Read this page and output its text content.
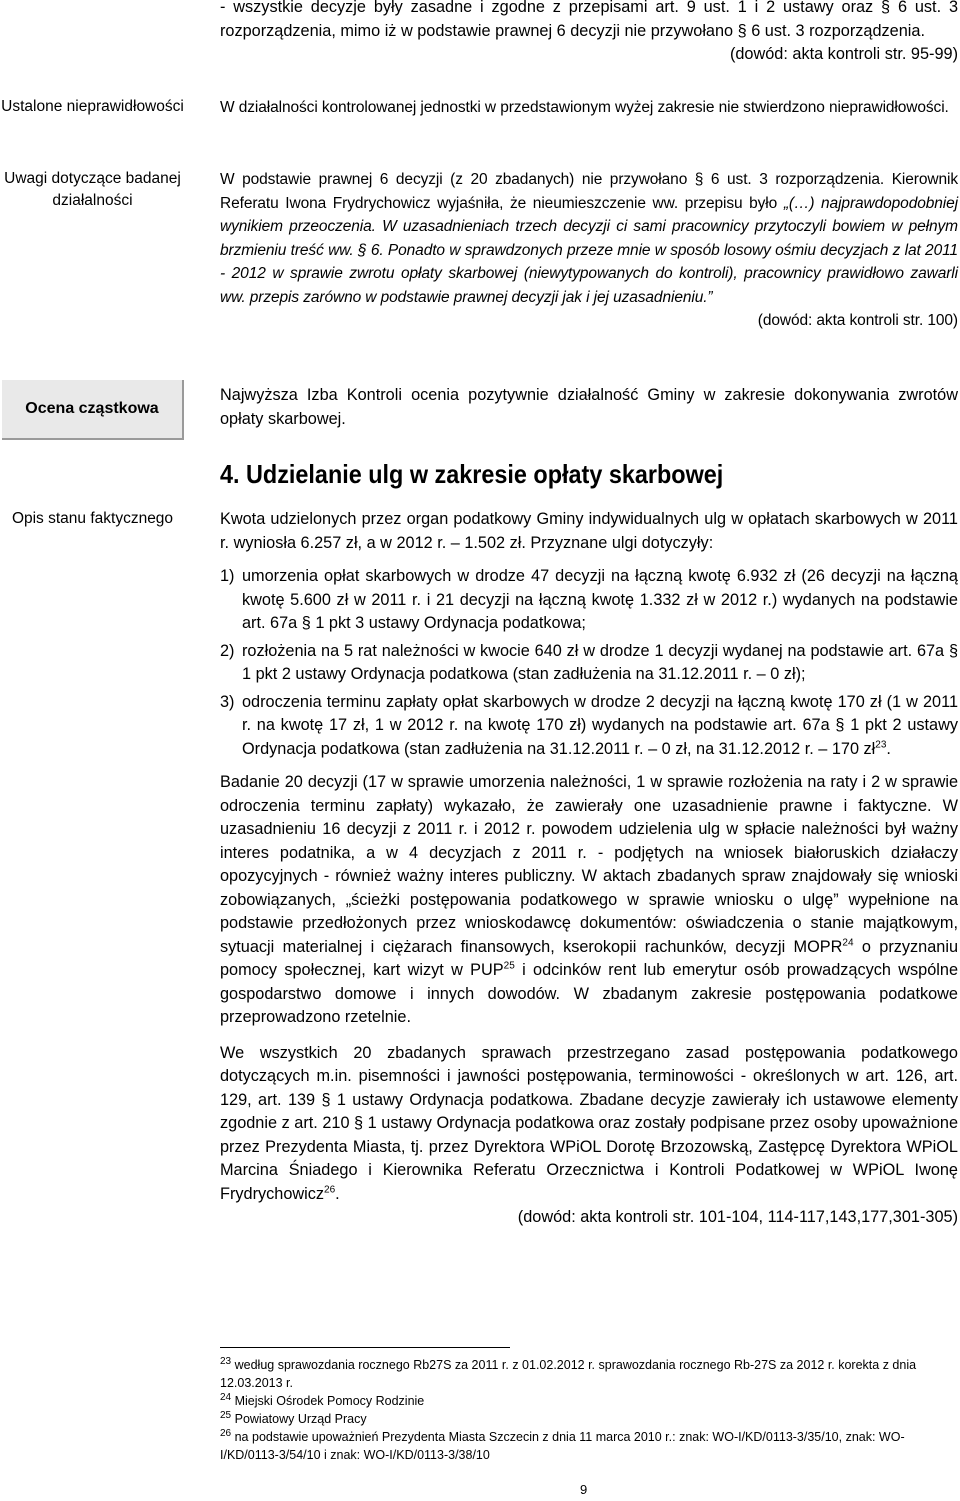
Ustalone nieprawidłowości
Uwagi dotyczące badanej działalności
Ocena cząstkowa
Opis stanu faktycznego

- wszystkie decyzje były zasadne i zgodne z przepisami art. 9 ust. 1 i 2 ustawy oraz § 6 ust. 3 rozporządzenia, mimo iż w podstawie prawnej 6 decyzji nie przywołano § 6 ust. 3 rozporządzenia.

(dowód: akta kontroli str. 95-99)

W działalności kontrolowanej jednostki w przedstawionym wyżej zakresie nie stwierdzono nieprawidłowości.

W podstawie prawnej 6 decyzji (z 20 zbadanych) nie przywołano § 6 ust. 3 rozporządzenia. Kierownik Referatu Iwona Frydrychowicz wyjaśniła, że nieumieszczenie ww. przepisu było „(…) najprawdopodobniej wynikiem przeoczenia. W uzasadnieniach trzech decyzji ci sami pracownicy przytoczyli bowiem w pełnym brzmieniu treść ww. § 6. Ponadto w sprawdzonych przeze mnie w sposób losowy ośmiu decyzjach z lat 2011 - 2012 w sprawie zwrotu opłaty skarbowej (niewytypowanych do kontroli), pracownicy prawidłowo zawarli ww. przepis zarówno w podstawie prawnej decyzji jak i jej uzasadnieniu.”

(dowód: akta kontroli str. 100)

Najwyższa Izba Kontroli ocenia pozytywnie działalność Gminy w zakresie dokonywania zwrotów opłaty skarbowej.

4. Udzielanie ulg w zakresie opłaty skarbowej

Kwota udzielonych przez organ podatkowy Gminy indywidualnych ulg w opłatach skarbowych w 2011 r. wyniosła 6.257 zł, a w 2012 r. – 1.502 zł. Przyznane ulgi dotyczyły:

1) umorzenia opłat skarbowych w drodze 47 decyzji na łączną kwotę 6.932 zł (26 decyzji na łączną kwotę 5.600 zł w 2011 r. i 21 decyzji na łączną kwotę 1.332 zł w 2012 r.) wydanych na podstawie art. 67a § 1 pkt 3 ustawy Ordynacja podatkowa;
2) rozłożenia na 5 rat należności w kwocie 640 zł w drodze 1 decyzji wydanej na podstawie art. 67a § 1 pkt 2 ustawy Ordynacja podatkowa (stan zadłużenia na 31.12.2011 r. – 0 zł);
3) odroczenia terminu zapłaty opłat skarbowych w drodze 2 decyzji na łączną kwotę 170 zł (1 w 2011 r. na kwotę 17 zł, 1 w 2012 r. na kwotę 170 zł) wydanych na podstawie art. 67a § 1 pkt 2 ustawy Ordynacja podatkowa (stan zadłużenia na 31.12.2011 r. – 0 zł, na 31.12.2012 r. – 170 $zł^{23}$.

Badanie 20 decyzji (17 w sprawie umorzenia należności, 1 w sprawie rozłożenia na raty i 2 w sprawie odroczenia terminu zapłaty) wykazało, że zawierały one uzasadnienie prawne i faktyczne. W uzasadnieniu 16 decyzji z 2011 r. i 2012 r. powodem udzielenia ulg w spłacie należności był ważny interes podatnika, a w 4 decyzjach z 2011 r. - podjętych na wniosek białoruskich działaczy opozycyjnych - również ważny interes publiczny. W aktach zbadanych spraw znajdowały się wnioski zobowiązanych, „ścieżki postępowania podatkowego w sprawie wniosku o ulgę” wypełnione na podstawie przedłożonych przez wnioskodawcę dokumentów: oświadczenia o stanie majątkowym, sytuacji materialnej i ciężarach finansowych, kserokopii rachunków, decyzji MOPR$^{24}$ o przyznaniu pomocy społecznej, kart wizyt w PUP$^{25}$ i odcinków rent lub emerytur osób prowadzących wspólne gospodarstwo domowe i innych dowodów. W zbadanym zakresie postępowania podatkowe przeprowadzono rzetelnie.

We wszystkich 20 zbadanych sprawach przestrzegano zasad postępowania podatkowego dotyczących m.in. pisemności i jawności postępowania, terminowości - określonych w art. 126, art. 129, art. 139 § 1 ustawy Ordynacja podatkowa. Zbadane decyzje zawierały ich ustawowe elementy zgodnie z art. 210 § 1 ustawy Ordynacja podatkowa oraz zostały podpisane przez osoby upoważnione przez Prezydenta Miasta, tj. przez Dyrektora WPiOL Dorotę Brzozowską, Zastępcę Dyrektora WPiOL Marcina Śniadego i Kierownika Referatu Orzecznictwa i Kontroli Podatkowej w WPiOL Iwonę Frydrychowicz$^{26}$.

(dowód: akta kontroli str. 101-104, 114-117,143,177,301-305)

$^{23}$ według sprawozdania rocznego Rb27S za 2011 r. z 01.02.2012 r. sprawozdania rocznego Rb-27S za 2012 r. korekta z dnia 12.03.2013 r.

$^{24}$ Miejski Ośrodek Pomocy Rodzinie

$^{25}$ Powiatowy Urząd Pracy

$^{26}$ na podstawie upoważnień Prezydenta Miasta Szczecin z dnia 11 marca 2010 r.: znak: WO-I/KD/0113-3/35/10, znak: WO-I/KD/0113-3/54/10 i znak: WO-I/KD/0113-3/38/10

9
